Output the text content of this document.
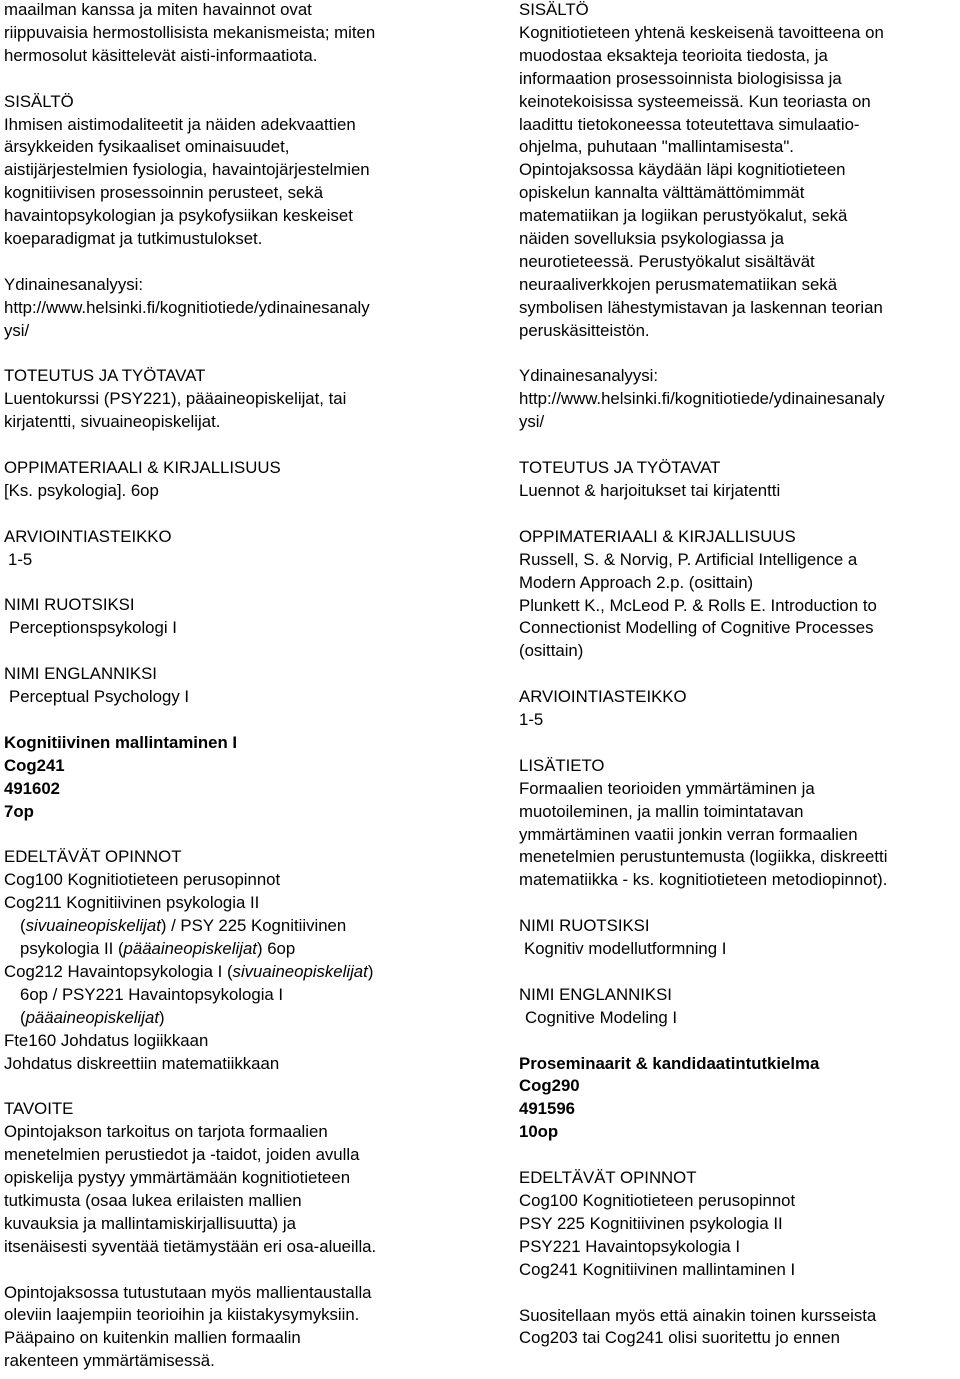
maailman kanssa ja miten havainnot ovat
riippuvaisia hermostollisista mekanismeista; miten
hermosolut käsittelevät aisti-informaatiota.
SISÄLTÖ
Ihmisen aistimodaliteetit ja näiden adekvaattien
ärsykkeiden fysikaaliset ominaisuudet,
aistijärjestelmien fysiologia, havaintojärjestelmien
kognitiivisen prosessoinnin perusteet, sekä
havaintopsykologian ja psykofysiikan keskeiset
koeparadigmat ja tutkimustulokset.
Ydinainesanalyysi:
http://www.helsinki.fi/kognitiotiede/ydinainesanaly
ysi/
TOTEUTUS JA TYÖTAVAT
Luentokurssi (PSY221), pääaineopiskelijat, tai
kirjatentti, sivuaineopiskelijat.
OPPIMATERIAALI & KIRJALLISUUS
[Ks. psykologia]. 6op
ARVIOINTIASTEIKKO
1-5
NIMI RUOTSIKSI
Perceptionspsykologi I
NIMI ENGLANNIKSI
Perceptual Psychology I
Kognitiivinen mallintaminen I
Cog241
491602
7op
EDELTÄVÄT OPINNOT
Cog100 Kognitiotieteen perusopinnot
Cog211 Kognitiivinen psykologia II
(sivuaineopiskelijat) / PSY 225 Kognitiivinen
psykologia II (pääaineopiskelijat) 6op
Cog212 Havaintopsykologia I (sivuaineopiskelijat)
6op / PSY221 Havaintopsykologia I
(pääaineopiskelijat)
Fte160 Johdatus logiikkaan
Johdatus diskreettiin matematiikkaan
TAVOITE
Opintojakson tarkoitus on tarjota formaalien
menetelmien perustiedot ja -taidot, joiden avulla
opiskelija pystyy ymmärtämään kognitiotieteen
tutkimusta (osaa lukea erilaisten mallien
kuvauksia ja mallintamiskirjallisuutta) ja
itsenäisesti syventää tietämystään eri osa-alueilla.
Opintojaksossa tutustutaan myös mallientaustalla
oleviin laajempiin teorioihin ja kiistakysymyksiin.
Pääpaino on kuitenkin mallien formaalin
rakenteen ymmärtämisessä.
SISÄLTÖ
Kognitiotieteen yhtenä keskeisenä tavoitteena on
muodostaa eksakteja teorioita tiedosta, ja
informaation prosessoinnista biologisissa ja
keinotekoisissa systeemeissä. Kun teoriasta on
laadittu tietokoneessa toteutettava simulaatio-
ohjelma, puhutaan "mallintamisesta".
Opintojaksossa käydään läpi kognitiotieteen
opiskelun kannalta välttämättömimmät
matematiikan ja logiikan perustyökalut, sekä
näiden sovelluksia psykologiassa ja
neurotieteessä. Perustyökalut sisältävät
neuraaliverkkojen perusmatematiikan sekä
symbolisen lähestymistavan ja laskennan teorian
peruskäsitteistön.
Ydinainesanalyysi:
http://www.helsinki.fi/kognitiotiede/ydinainesanaly
ysi/
TOTEUTUS JA TYÖTAVAT
Luennot & harjoitukset tai kirjatentti
OPPIMATERIAALI & KIRJALLISUUS
Russell, S. & Norvig, P. Artificial Intelligence a
Modern Approach 2.p. (osittain)
Plunkett K., McLeod P. & Rolls E. Introduction to
Connectionist Modelling of Cognitive Processes
(osittain)
ARVIOINTIASTEIKKO
1-5
LISÄTIETO
Formaalien teorioiden ymmärtäminen ja
muotoileminen, ja mallin toimintatavan
ymmärtäminen vaatii jonkin verran formaalien
menetelmien perustuntemusta (logiikka, diskreetti
matematiikka - ks. kognitiotieteen metodiopinnot).
NIMI RUOTSIKSI
Kognitiv modellutformning I
NIMI ENGLANNIKSI
Cognitive Modeling I
Proseminaarit & kandidaatintutkielma
Cog290
491596
10op
EDELTÄVÄT OPINNOT
Cog100 Kognitiotieteen perusopinnot
PSY 225 Kognitiivinen psykologia II
PSY221 Havaintopsykologia I
Cog241 Kognitiivinen mallintaminen I
Suositellaan myös että ainakin toinen kursseista
Cog203 tai Cog241 olisi suoritettu jo ennen
